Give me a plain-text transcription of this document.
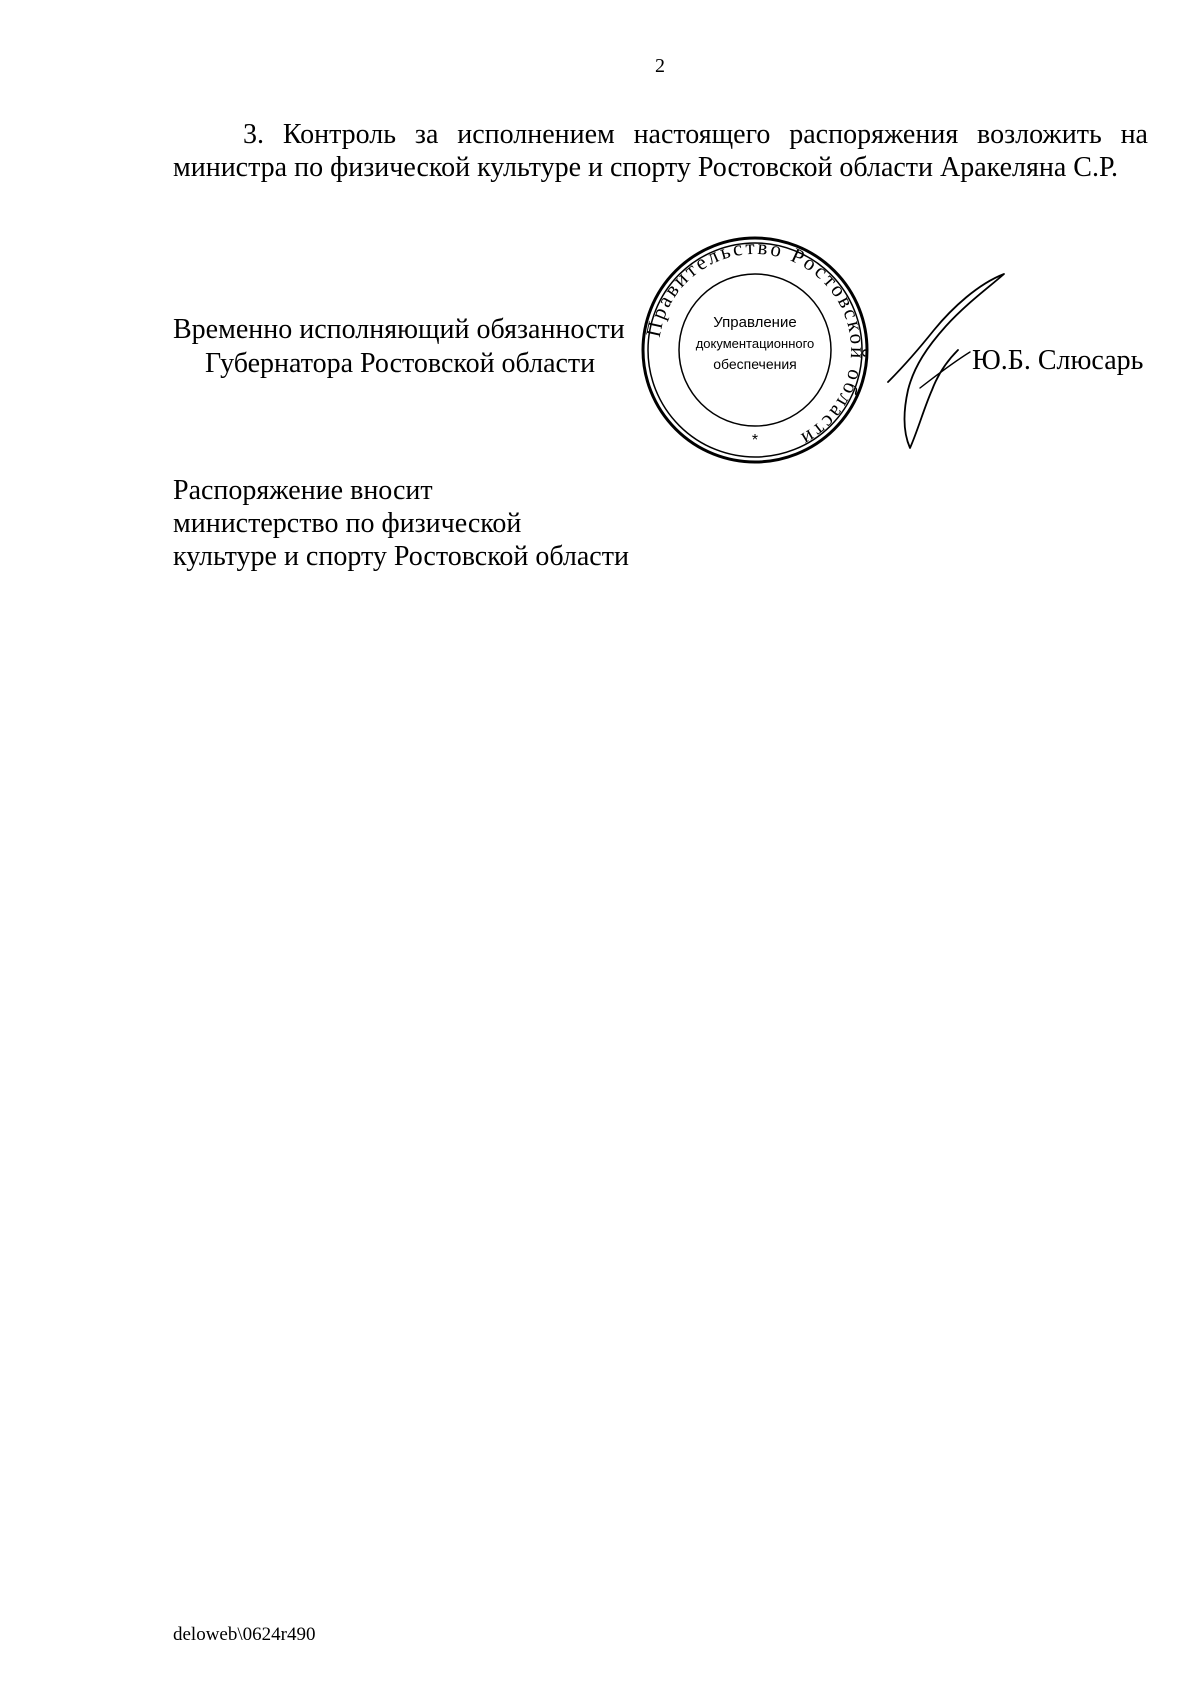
2
3. Контроль за исполнением настоящего распоряжения возложить на министра по физической культуре и спорту Ростовской области Аракеляна С.Р.
Временно исполняющий обязанности
Губернатора Ростовской области
Правительство Ростовской области
Управление
документационного
обеспечения
*
Ю.Б. Слюсарь
Распоряжение вносит
министерство по физической
культуре и спорту Ростовской области
deloweb\0624r490
